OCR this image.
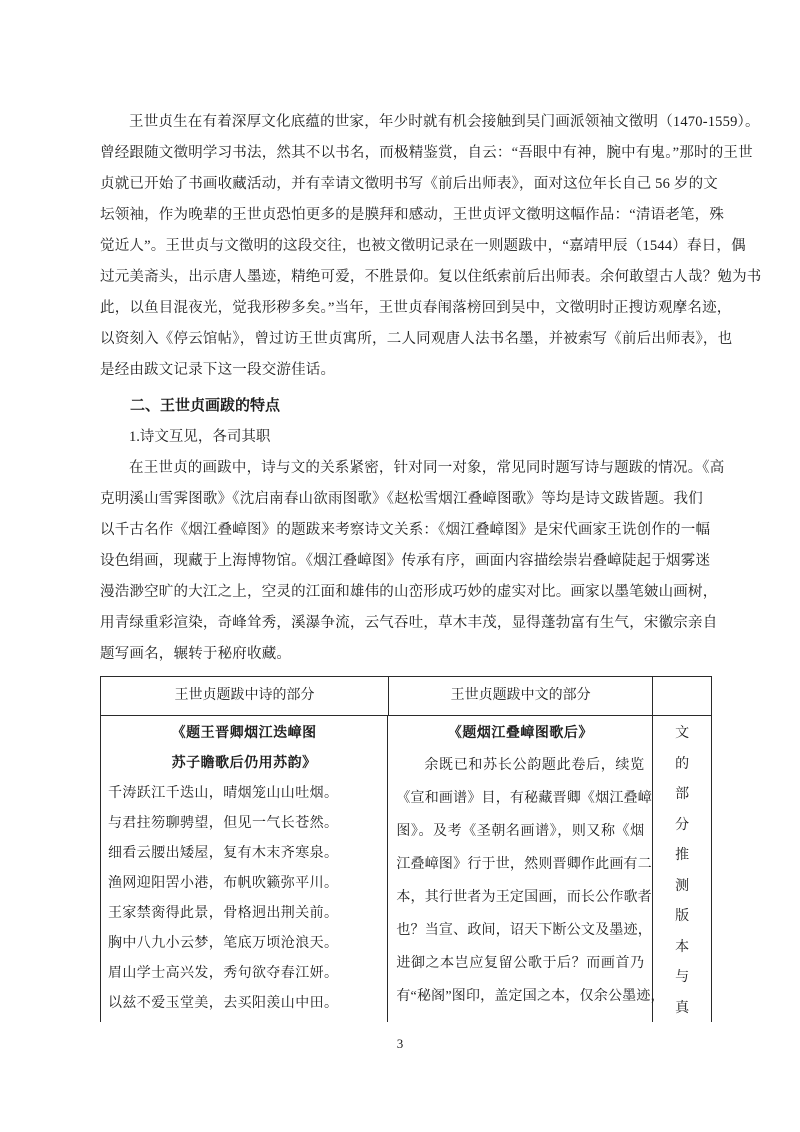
王世贞生在有着深厚文化底蕴的世家，年少时就有机会接触到吴门画派领袖文徵明（1470-1559）。
曾经跟随文徵明学习书法，然其不以书名，而极精鉴赏，自云：“吾眼中有神，腕中有鬼。”那时的王世
贞就已开始了书画收藏活动，并有幸请文徵明书写《前后出师表》，面对这位年长自己 56 岁的文
坛领袖，作为晚辈的王世贞恐怕更多的是膜拜和感动，王世贞评文徵明这幅作品：“清语老笔，殊
觉近人”。王世贞与文徵明的这段交往，也被文徵明记录在一则题跋中，“嘉靖甲辰（1544）春日，偶
过元美斋头，出示唐人墨迹，精绝可爱，不胜景仰。复以住纸索前后出师表。余何敢望古人哉？勉为书
此，以鱼目混夜光，觉我形秽多矣。”当年，王世贞春闱落榜回到吴中，文徵明时正搜访观摩名迹，
以资刻入《停云馆帖》，曾过访王世贞寓所，二人同观唐人法书名墨，并被索写《前后出师表》，也
是经由跋文记录下这一段交游佳话。
二、王世贞画跋的特点
1.诗文互见，各司其职
在王世贞的画跋中，诗与文的关系紧密，针对同一对象，常见同时题写诗与题跋的情况。《高
克明溪山雪霁图歌》《沈启南春山欲雨图歌》《赵松雪烟江叠嶂图歌》等均是诗文跋皆题。我们
以千古名作《烟江叠嶂图》的题跋来考察诗文关系：《烟江叠嶂图》是宋代画家王诜创作的一幅
设色绢画，现藏于上海博物馆。《烟江叠嶂图》传承有序，画面内容描绘崇岩叠嶂陡起于烟雾迷
漫浩渺空旷的大江之上，空灵的江面和雄伟的山峦形成巧妙的虚实对比。画家以墨笔皴山画树，
用青绿重彩渲染，奇峰耸秀，溪瀑争流，云气吞吐，草木丰茂，显得蓬勃富有生气，宋徽宗亲自
题写画名，辗转于秘府收藏。
王世贞题跋中诗的部分	王世贞题跋中文的部分
《题王晋卿烟江迭嶂图
苏子瞻歌后仍用苏韵》
千涛跃江千迭山，晴烟笼山山吐烟。
与君拄笏聊骋望，但见一气长苍然。
细看云腰出矮屋，复有木末齐寒泉。
渔网迎阳罟小港，布帆吹籁弥平川。
王家禁脔得此景，骨格迥出荆关前。
胸中八九小云梦，笔底万顷沧浪天。
眉山学士高兴发，秀句欲夺春江妍。
以兹不爱玉堂美，去买阳羡山中田。
《题烟江叠嶂图歌后》
余既已和苏长公韵题此卷后，续览
《宣和画谱》目，有秘藏晋卿《烟江叠嶂
图》。及考《圣朝名画谱》，则又称《烟
江叠嶂图》行于世，然则晋卿作此画有二
本，其行世者为王定国画，而长公作歌者
也？当宣、政间，诏天下断公文及墨迹，
进御之本岂应复留公歌于后？而画首乃
有“秘阁”图印，盖定国之本，仅余公墨迹，
文
的
部
分
推
测
版
本
与
真
3
